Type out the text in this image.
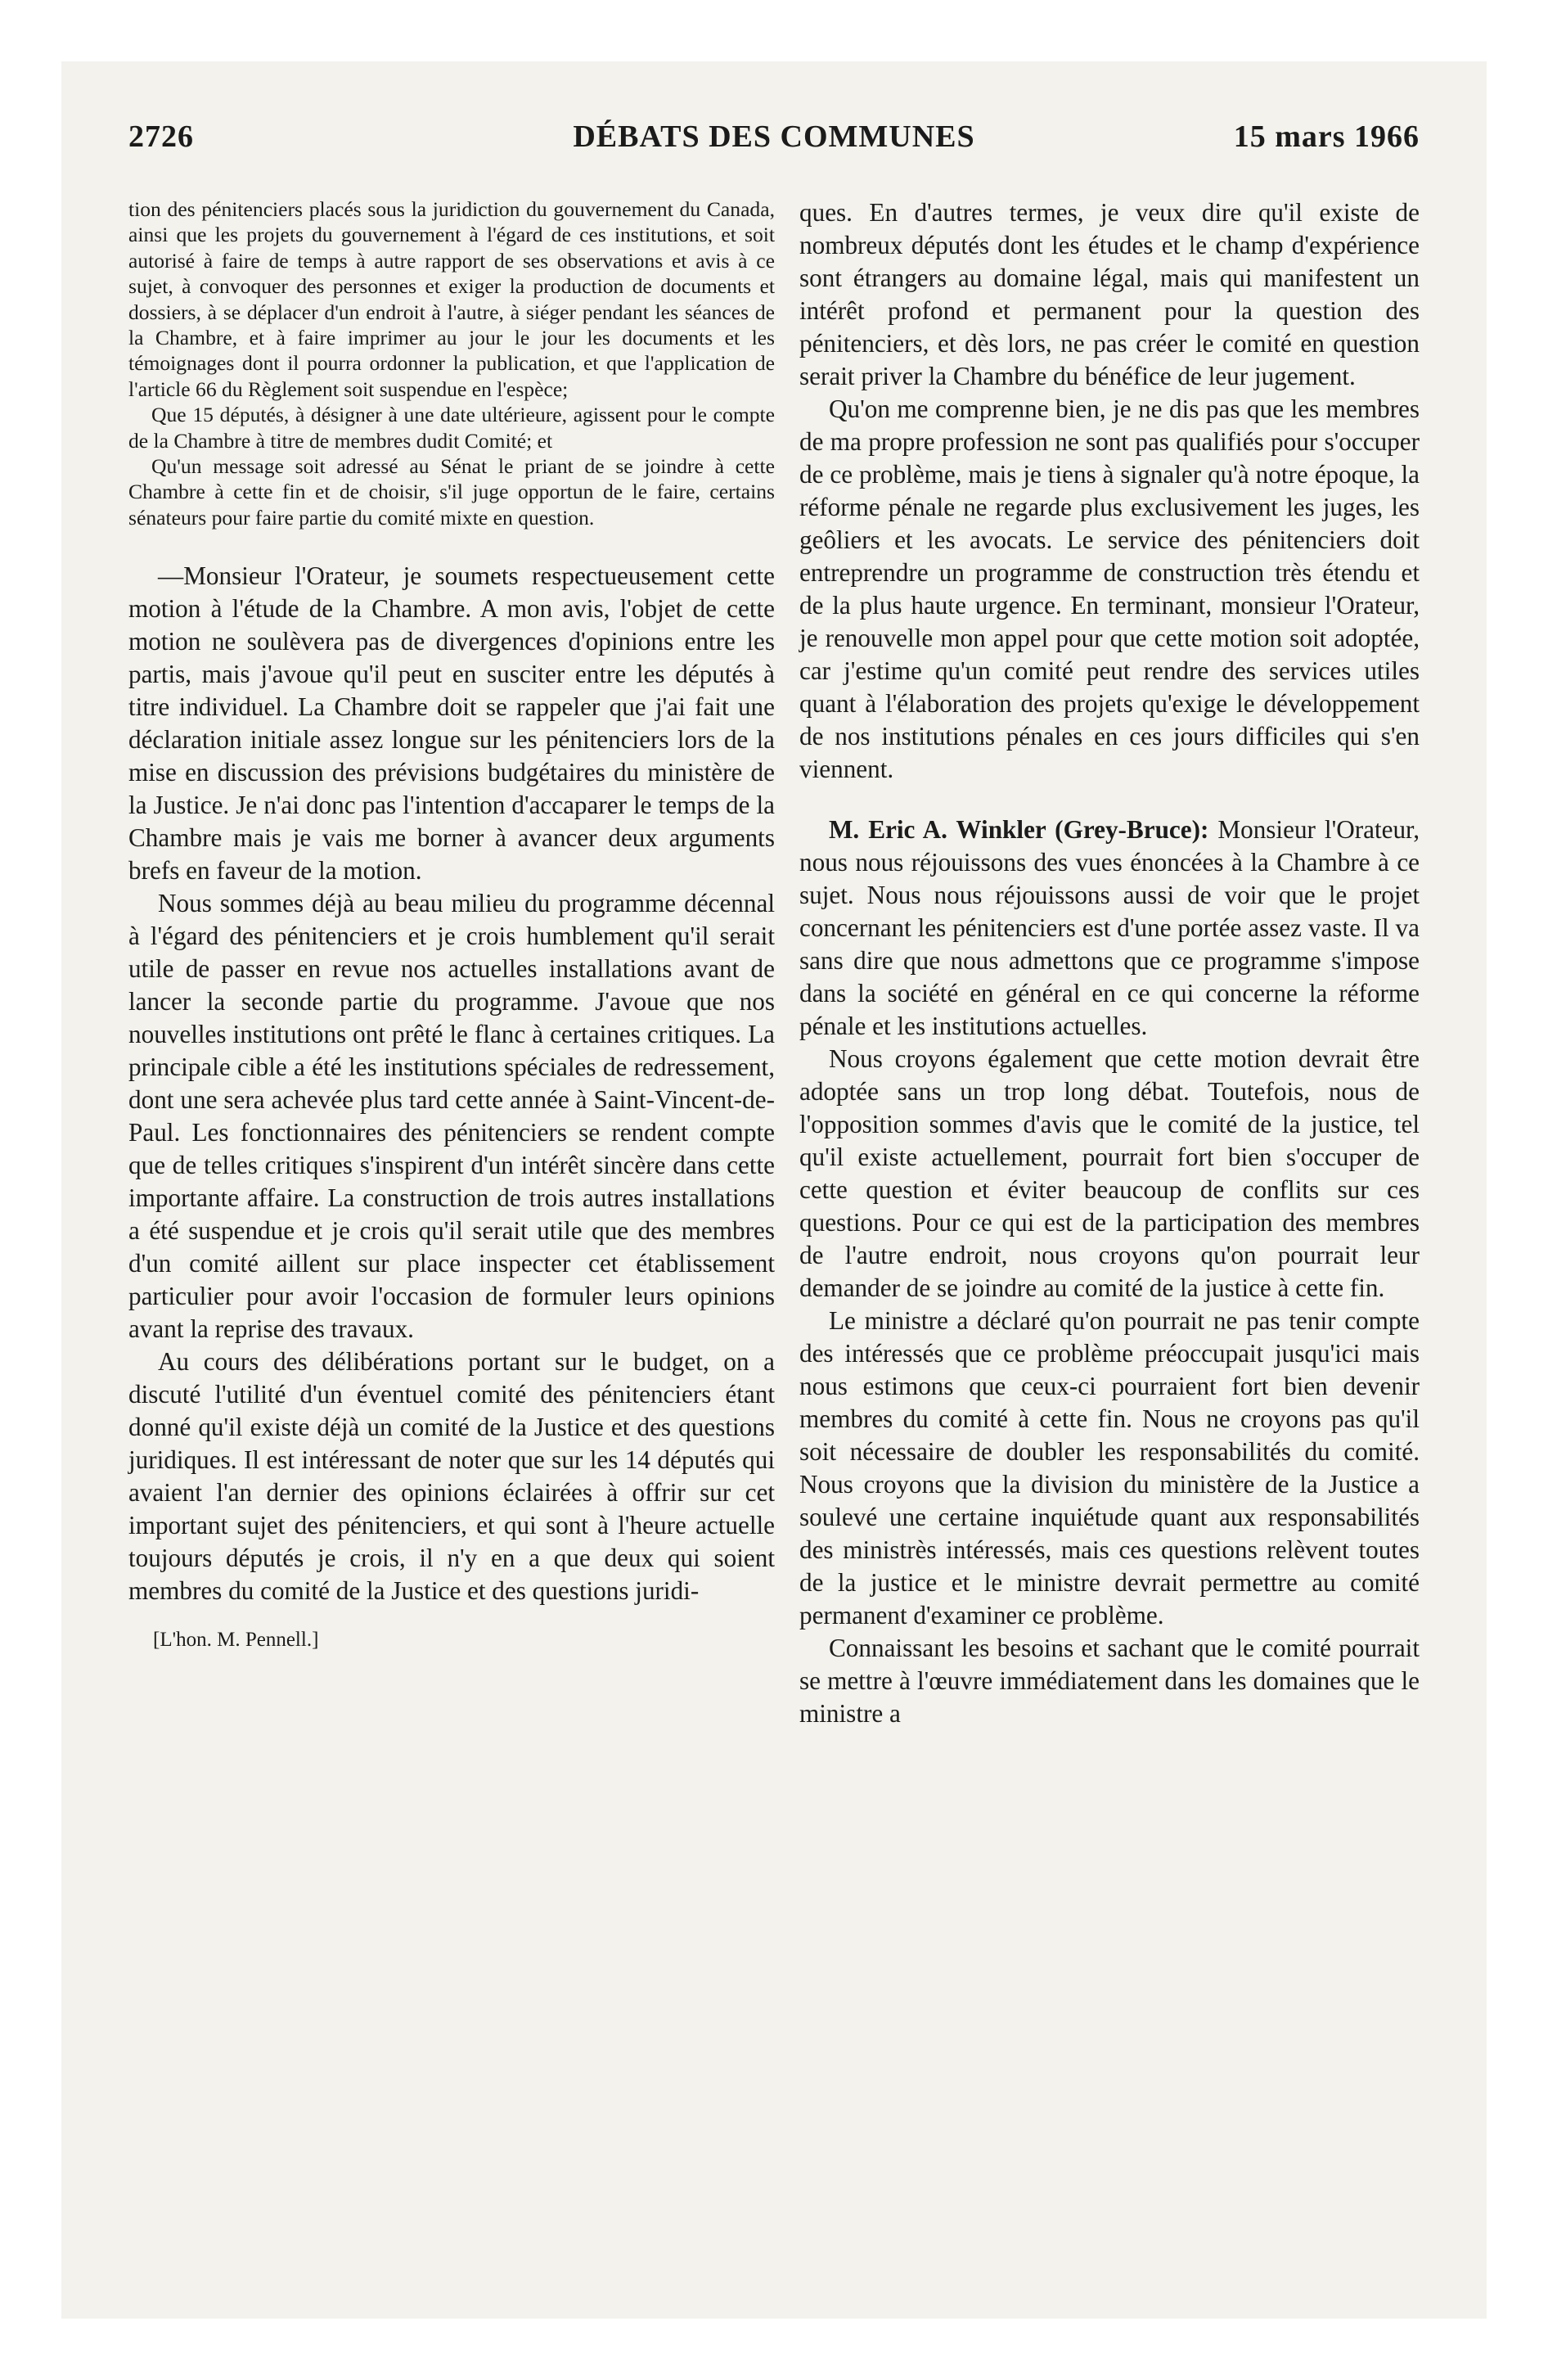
2726	DÉBATS DES COMMUNES	15 mars 1966

tion des pénitenciers placés sous la juridiction du gouvernement du Canada, ainsi que les projets du gouvernement à l'égard de ces institutions, et soit autorisé à faire de temps à autre rapport de ses observations et avis à ce sujet, à convoquer des personnes et exiger la production de documents et dossiers, à se déplacer d'un endroit à l'autre, à siéger pendant les séances de la Chambre, et à faire imprimer au jour le jour les documents et les témoignages dont il pourra ordonner la publication, et que l'application de l'article 66 du Règlement soit suspendue en l'espèce;

Que 15 députés, à désigner à une date ultérieure, agissent pour le compte de la Chambre à titre de membres dudit Comité; et

Qu'un message soit adressé au Sénat le priant de se joindre à cette Chambre à cette fin et de choisir, s'il juge opportun de le faire, certains sénateurs pour faire partie du comité mixte en question.

—Monsieur l'Orateur, je soumets respectueusement cette motion à l'étude de la Chambre. A mon avis, l'objet de cette motion ne soulèvera pas de divergences d'opinions entre les partis, mais j'avoue qu'il peut en susciter entre les députés à titre individuel. La Chambre doit se rappeler que j'ai fait une déclaration initiale assez longue sur les pénitenciers lors de la mise en discussion des prévisions budgétaires du ministère de la Justice. Je n'ai donc pas l'intention d'accaparer le temps de la Chambre mais je vais me borner à avancer deux arguments brefs en faveur de la motion.

Nous sommes déjà au beau milieu du programme décennal à l'égard des pénitenciers et je crois humblement qu'il serait utile de passer en revue nos actuelles installations avant de lancer la seconde partie du programme. J'avoue que nos nouvelles institutions ont prêté le flanc à certaines critiques. La principale cible a été les institutions spéciales de redressement, dont une sera achevée plus tard cette année à Saint-Vincent-de-Paul. Les fonctionnaires des pénitenciers se rendent compte que de telles critiques s'inspirent d'un intérêt sincère dans cette importante affaire. La construction de trois autres installations a été suspendue et je crois qu'il serait utile que des membres d'un comité aillent sur place inspecter cet établissement particulier pour avoir l'occasion de formuler leurs opinions avant la reprise des travaux.

Au cours des délibérations portant sur le budget, on a discuté l'utilité d'un éventuel comité des pénitenciers étant donné qu'il existe déjà un comité de la Justice et des questions juridiques. Il est intéressant de noter que sur les 14 députés qui avaient l'an dernier des opinions éclairées à offrir sur cet important sujet des pénitenciers, et qui sont à l'heure actuelle toujours députés je crois, il n'y en a que deux qui soient membres du comité de la Justice et des questions juridi-

[L'hon. M. Pennell.]

ques. En d'autres termes, je veux dire qu'il existe de nombreux députés dont les études et le champ d'expérience sont étrangers au domaine légal, mais qui manifestent un intérêt profond et permanent pour la question des pénitenciers, et dès lors, ne pas créer le comité en question serait priver la Chambre du bénéfice de leur jugement.

Qu'on me comprenne bien, je ne dis pas que les membres de ma propre profession ne sont pas qualifiés pour s'occuper de ce problème, mais je tiens à signaler qu'à notre époque, la réforme pénale ne regarde plus exclusivement les juges, les geôliers et les avocats. Le service des pénitenciers doit entreprendre un programme de construction très étendu et de la plus haute urgence. En terminant, monsieur l'Orateur, je renouvelle mon appel pour que cette motion soit adoptée, car j'estime qu'un comité peut rendre des services utiles quant à l'élaboration des projets qu'exige le développement de nos institutions pénales en ces jours difficiles qui s'en viennent.

M. Eric A. Winkler (Grey-Bruce): Monsieur l'Orateur, nous nous réjouissons des vues énoncées à la Chambre à ce sujet. Nous nous réjouissons aussi de voir que le projet concernant les pénitenciers est d'une portée assez vaste. Il va sans dire que nous admettons que ce programme s'impose dans la société en général en ce qui concerne la réforme pénale et les institutions actuelles.

Nous croyons également que cette motion devrait être adoptée sans un trop long débat. Toutefois, nous de l'opposition sommes d'avis que le comité de la justice, tel qu'il existe actuellement, pourrait fort bien s'occuper de cette question et éviter beaucoup de conflits sur ces questions. Pour ce qui est de la participation des membres de l'autre endroit, nous croyons qu'on pourrait leur demander de se joindre au comité de la justice à cette fin.

Le ministre a déclaré qu'on pourrait ne pas tenir compte des intéressés que ce problème préoccupait jusqu'ici mais nous estimons que ceux-ci pourraient fort bien devenir membres du comité à cette fin. Nous ne croyons pas qu'il soit nécessaire de doubler les responsabilités du comité. Nous croyons que la division du ministère de la Justice a soulevé une certaine inquiétude quant aux responsabilités des ministrès intéressés, mais ces questions relèvent toutes de la justice et le ministre devrait permettre au comité permanent d'examiner ce problème.

Connaissant les besoins et sachant que le comité pourrait se mettre à l'œuvre immédiatement dans les domaines que le ministre a
